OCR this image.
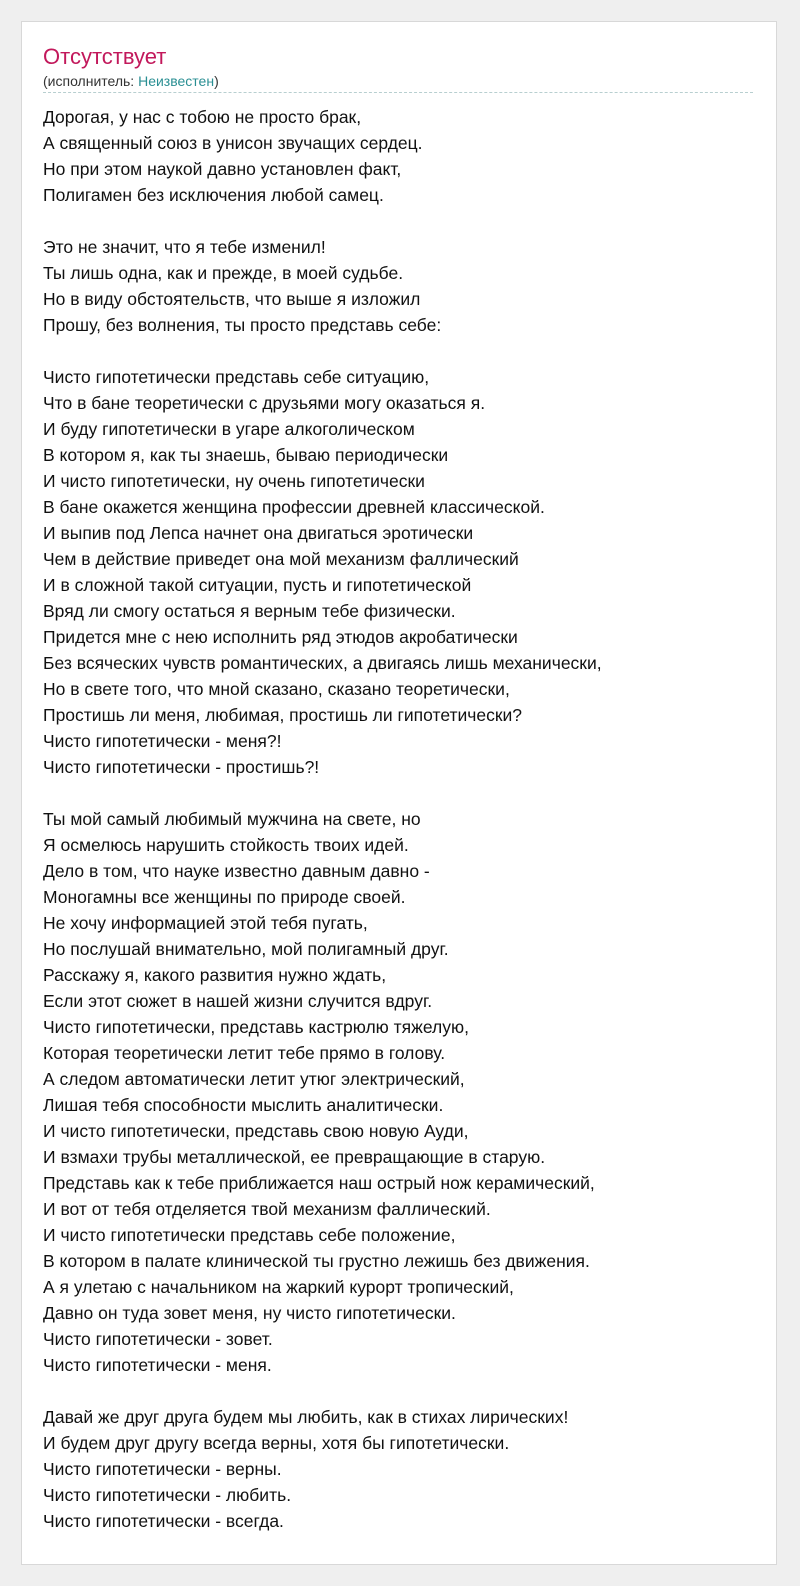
Отсутствует
(исполнитель: Неизвестен)
Дорогая, у нас с тобою не просто брак,
А священный союз в унисон звучащих сердец.
Но при этом наукой давно установлен факт,
Полигамен без исключения любой самец.
Это не значит, что я тебе изменил!
Ты лишь одна, как и прежде, в моей судьбе.
Но в виду обстоятельств, что выше я изложил
Прошу, без волнения, ты просто представь себе:
Чисто гипотетически представь себе ситуацию,
Что в бане теоретически с друзьями могу оказаться я.
И буду гипотетически в угаре алкоголическом
В котором я, как ты знаешь, бываю периодически
И чисто гипотетически, ну очень гипотетически
В бане окажется женщина профессии древней классической.
И выпив под Лепса начнет она двигаться эротически
Чем в действие приведет она мой механизм фаллический
И в сложной такой ситуации, пусть и гипотетической
Вряд ли смогу остаться я верным тебе физически.
Придется мне с нею исполнить ряд этюдов акробатически
Без всяческих чувств романтических, а двигаясь лишь механически,
Но в свете того, что мной сказано, сказано теоретически,
Простишь ли меня, любимая, простишь ли гипотетически?
Чисто гипотетически - меня?!
Чисто гипотетически - простишь?!
Ты мой самый любимый мужчина на свете, но
Я осмелюсь нарушить стойкость твоих идей.
Дело в том, что науке известно давным давно -
Моногамны все женщины по природе своей.
Не хочу информацией этой тебя пугать,
Но послушай внимательно, мой полигамный друг.
Расскажу я, какого развития нужно ждать,
Если этот сюжет в нашей жизни случится вдруг.
Чисто гипотетически, представь кастрюлю тяжелую,
Которая теоретически летит тебе прямо в голову.
А следом автоматически летит утюг электрический,
Лишая тебя способности мыслить аналитически.
И чисто гипотетически, представь свою новую Ауди,
И взмахи трубы металлической, ее превращающие в старую.
Представь как к тебе приближается наш острый нож керамический,
И вот от тебя отделяется твой механизм фаллический.
И чисто гипотетически представь себе положение,
В котором в палате клинической ты грустно лежишь без движения.
А я улетаю с начальником на жаркий курорт тропический,
Давно он туда зовет меня, ну чисто гипотетически.
Чисто гипотетически - зовет.
Чисто гипотетически - меня.
Давай же друг друга будем мы любить, как в стихах лирических!
И будем друг другу всегда верны, хотя бы гипотетически.
Чисто гипотетически - верны.
Чисто гипотетически - любить.
Чисто гипотетически - всегда.
